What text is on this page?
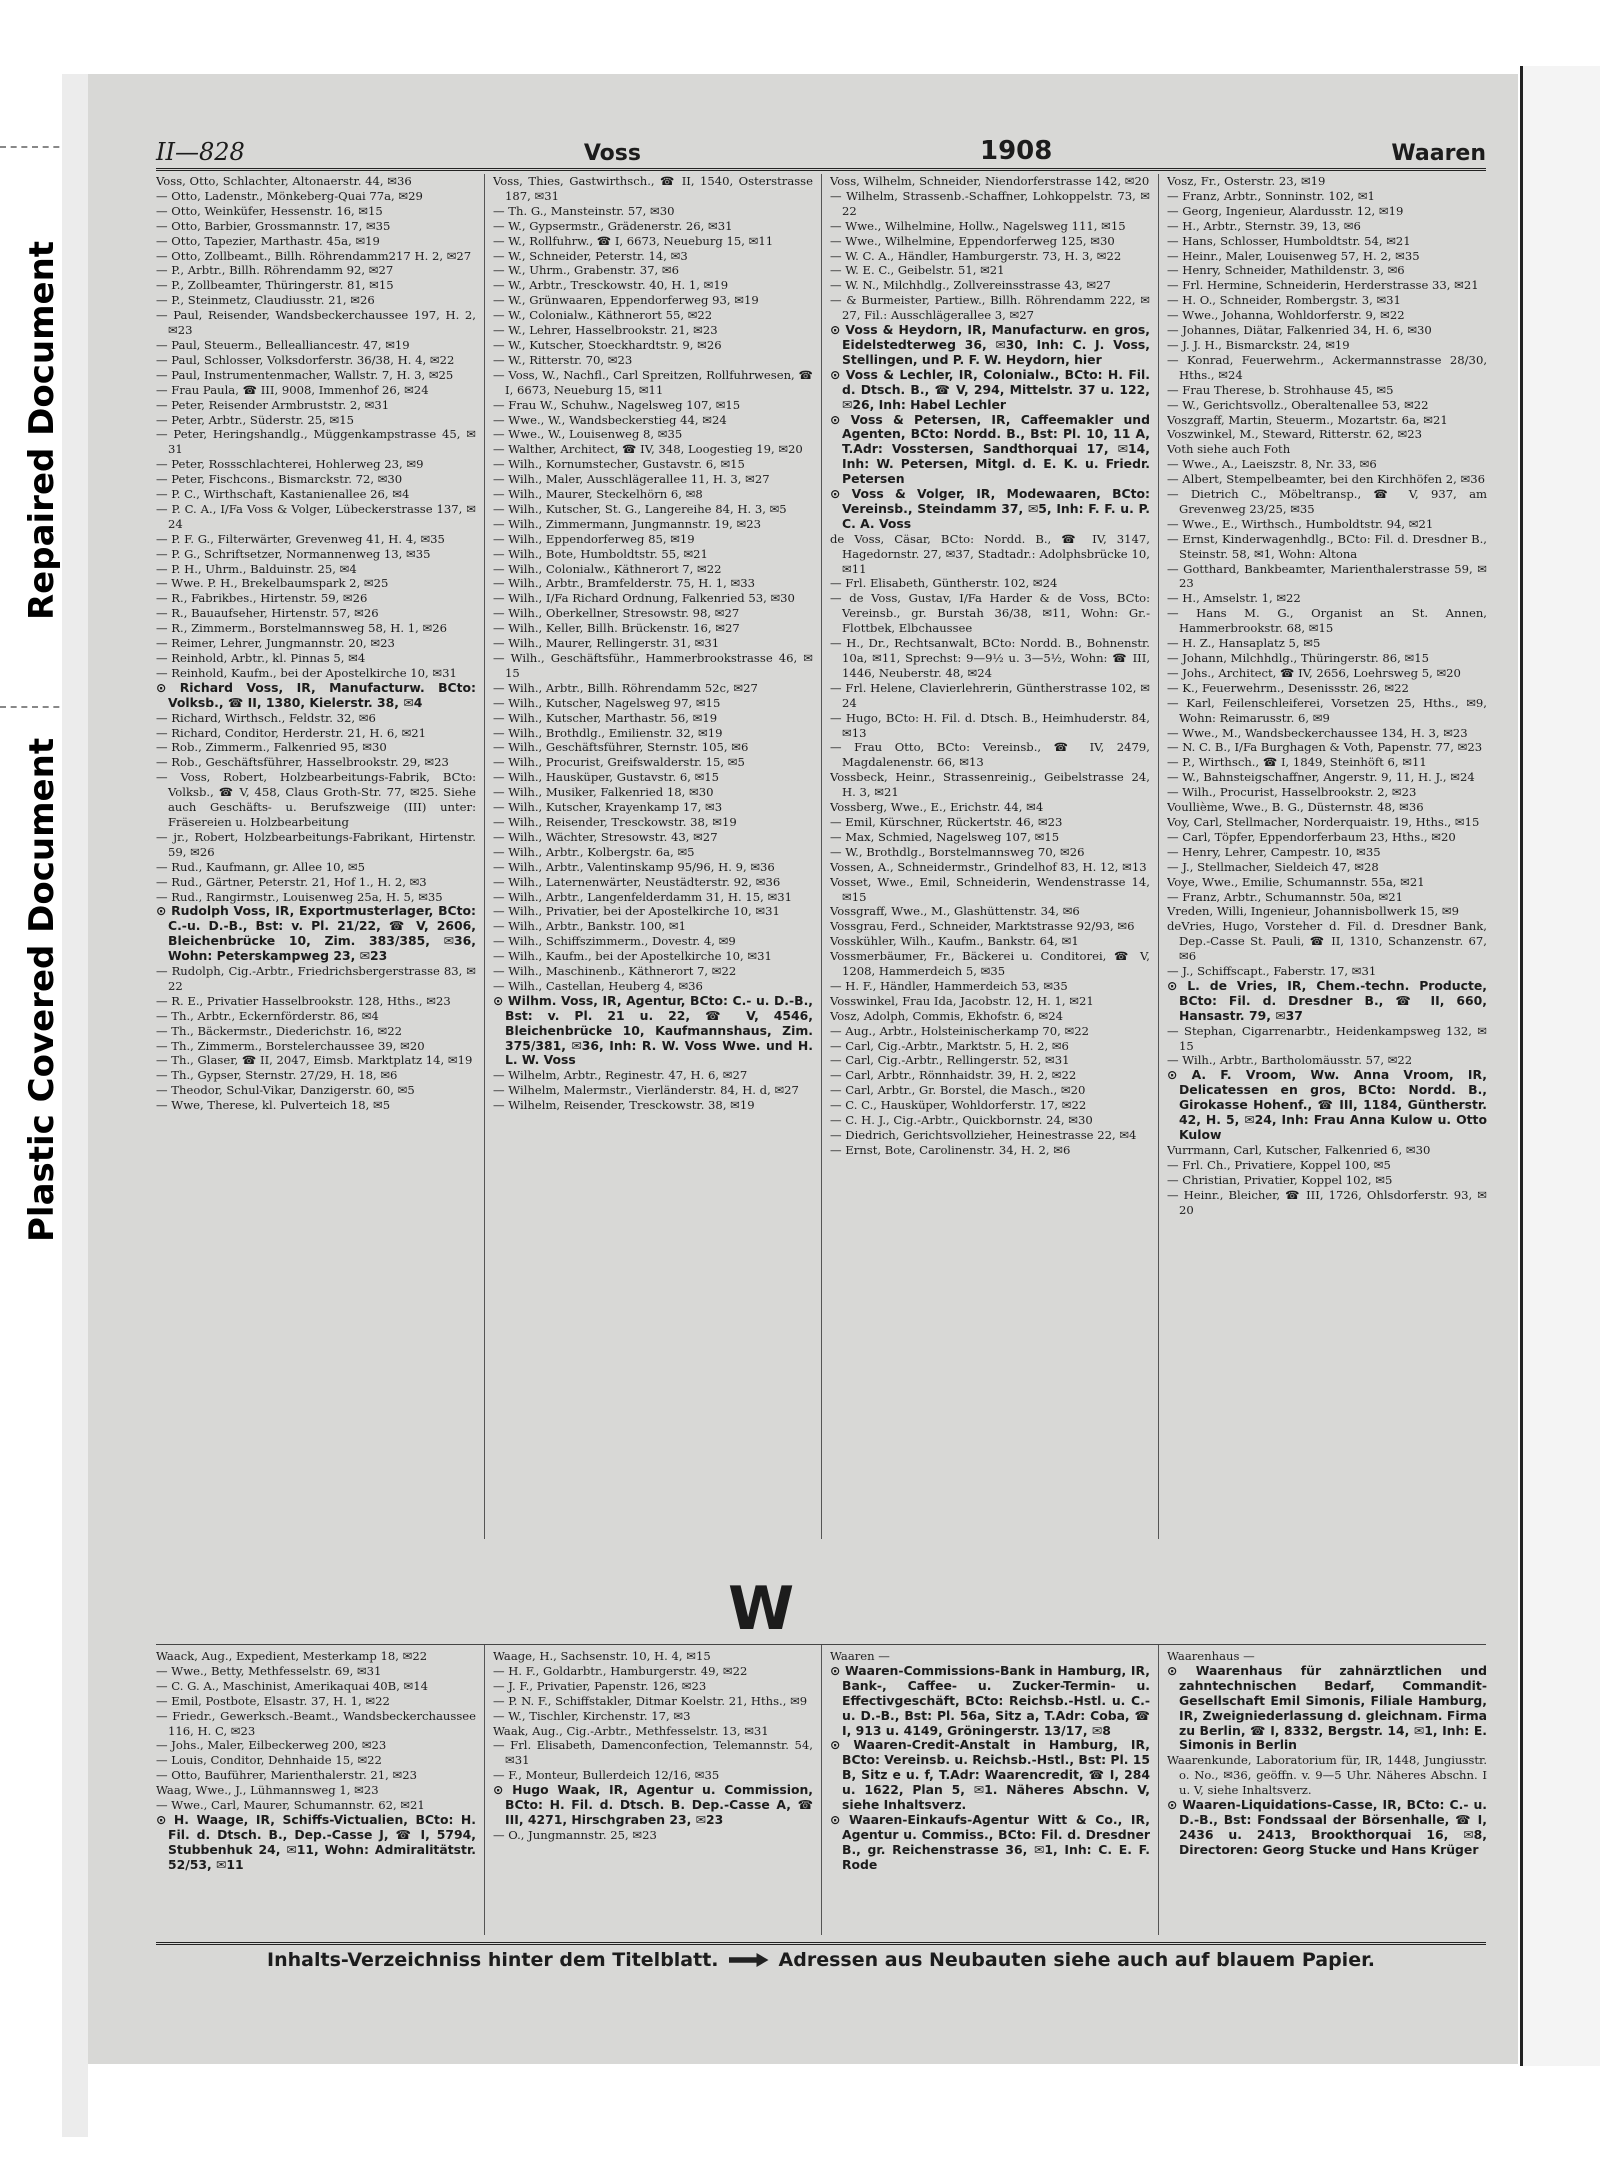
Repaired Document
Plastic Covered Document
II—828	Voss	1908	Waaren

Voss, Otto, Schlachter, Altonaerstr. 44, ✉36

— Otto, Ladenstr., Mönkeberg-Quai 77a, ✉29

— Otto, Weinküfer, Hessenstr. 16, ✉15

— Otto, Barbier, Grossmannstr. 17, ✉35

— Otto, Tapezier, Marthastr. 45a, ✉19

— Otto, Zollbeamt., Billh. Röhrendamm217 H. 2, ✉27

— P., Arbtr., Billh. Röhrendamm 92, ✉27

— P., Zollbeamter, Thüringerstr. 81, ✉15

— P., Steinmetz, Claudiusstr. 21, ✉26

— Paul, Reisender, Wandsbeckerchaussee 197, H. 2, ✉23

— Paul, Steuerm., Bellealliancestr. 47, ✉19

— Paul, Schlosser, Volksdorferstr. 36/38, H. 4, ✉22

— Paul, Instrumentenmacher, Wallstr. 7, H. 3, ✉25

— Frau Paula, ☎ III, 9008, Immenhof 26, ✉24

— Peter, Reisender Armbruststr. 2, ✉31

— Peter, Arbtr., Süderstr. 25, ✉15

— Peter, Heringshandlg., Müggenkampstrasse 45, ✉31

— Peter, Rossschlachterei, Hohlerweg 23, ✉9

— Peter, Fischcons., Bismarckstr. 72, ✉30

— P. C., Wirthschaft, Kastanienallee 26, ✉4

— P. C. A., I/Fa Voss & Volger, Lübeckerstrasse 137, ✉24

— P. F. G., Filterwärter, Grevenweg 41, H. 4, ✉35

— P. G., Schriftsetzer, Normannenweg 13, ✉35

— P. H., Uhrm., Balduinstr. 25, ✉4

— Wwe. P. H., Brekelbaumspark 2, ✉25

— R., Fabrikbes., Hirtenstr. 59, ✉26

— R., Bauaufseher, Hirtenstr. 57, ✉26

— R., Zimmerm., Borstelmannsweg 58, H. 1, ✉26

— Reimer, Lehrer, Jungmannstr. 20, ✉23

— Reinhold, Arbtr., kl. Pinnas 5, ✉4

— Reinhold, Kaufm., bei der Apostelkirche 10, ✉31

⊙ Richard Voss, IR, Manufacturw. BCto: Volksb., ☎ II, 1380, Kielerstr. 38, ✉4

— Richard, Wirthsch., Feldstr. 32, ✉6

— Richard, Conditor, Herderstr. 21, H. 6, ✉21

— Rob., Zimmerm., Falkenried 95, ✉30

— Rob., Geschäftsführer, Hasselbrookstr. 29, ✉23

— Voss, Robert, Holzbearbeitungs-Fabrik, BCto: Volksb., ☎ V, 458, Claus Groth-Str. 77, ✉25. Siehe auch Geschäfts- u. Berufszweige (III) unter: Fräsereien u. Holzbearbeitung

— jr., Robert, Holzbearbeitungs-Fabrikant, Hirtenstr. 59, ✉26

— Rud., Kaufmann, gr. Allee 10, ✉5

— Rud., Gärtner, Peterstr. 21, Hof 1., H. 2, ✉3

— Rud., Rangirmstr., Louisenweg 25a, H. 5, ✉35

⊙ Rudolph Voss, IR, Exportmusterlager, BCto: C.-u. D.-B., Bst: v. Pl. 21/22, ☎ V, 2606, Bleichenbrücke 10, Zim. 383/385, ✉36, Wohn: Peterskampweg 23, ✉23

— Rudolph, Cig.-Arbtr., Friedrichsbergerstrasse 83, ✉22

— R. E., Privatier Hasselbrookstr. 128, Hths., ✉23

— Th., Arbtr., Eckernförderstr. 86, ✉4

— Th., Bäckermstr., Diederichstr. 16, ✉22

— Th., Zimmerm., Borstelerchaussee 39, ✉20

— Th., Glaser, ☎ II, 2047, Eimsb. Marktplatz 14, ✉19

— Th., Gypser, Sternstr. 27/29, H. 18, ✉6

— Theodor, Schul-Vikar, Danzigerstr. 60, ✉5

— Wwe, Therese, kl. Pulverteich 18, ✉5

Voss, Thies, Gastwirthsch., ☎ II, 1540, Osterstrasse 187, ✉31

— Th. G., Mansteinstr. 57, ✉30

— W., Gypsermstr., Grädenerstr. 26, ✉31

— W., Rollfuhrw., ☎ I, 6673, Neueburg 15, ✉11

— W., Schneider, Peterstr. 14, ✉3

— W., Uhrm., Grabenstr. 37, ✉6

— W., Arbtr., Tresckowstr. 40, H. 1, ✉19

— W., Grünwaaren, Eppendorferweg 93, ✉19

— W., Colonialw., Käthnerort 55, ✉22

— W., Lehrer, Hasselbrookstr. 21, ✉23

— W., Kutscher, Stoeckhardtstr. 9, ✉26

— W., Ritterstr. 70, ✉23

— Voss, W., Nachfl., Carl Spreitzen, Rollfuhrwesen, ☎ I, 6673, Neueburg 15, ✉11

— Frau W., Schuhw., Nagelsweg 107, ✉15

— Wwe., W., Wandsbeckerstieg 44, ✉24

— Wwe., W., Louisenweg 8, ✉35

— Walther, Architect, ☎ IV, 348, Loogestieg 19, ✉20

— Wilh., Kornumstecher, Gustavstr. 6, ✉15

— Wilh., Maler, Ausschlägerallee 11, H. 3, ✉27

— Wilh., Maurer, Steckelhörn 6, ✉8

— Wilh., Kutscher, St. G., Langereihe 84, H. 3, ✉5

— Wilh., Zimmermann, Jungmannstr. 19, ✉23

— Wilh., Eppendorferweg 85, ✉19

— Wilh., Bote, Humboldtstr. 55, ✉21

— Wilh., Colonialw., Käthnerort 7, ✉22

— Wilh., Arbtr., Bramfelderstr. 75, H. 1, ✉33

— Wilh., I/Fa Richard Ordnung, Falkenried 53, ✉30

— Wilh., Oberkellner, Stresowstr. 98, ✉27

— Wilh., Keller, Billh. Brückenstr. 16, ✉27

— Wilh., Maurer, Rellingerstr. 31, ✉31

— Wilh., Geschäftsführ., Hammerbrookstrasse 46, ✉15

— Wilh., Arbtr., Billh. Röhrendamm 52c, ✉27

— Wilh., Kutscher, Nagelsweg 97, ✉15

— Wilh., Kutscher, Marthastr. 56, ✉19

— Wilh., Brothdlg., Emilienstr. 32, ✉19

— Wilh., Geschäftsführer, Sternstr. 105, ✉6

— Wilh., Procurist, Greifswalderstr. 15, ✉5

— Wilh., Hausküper, Gustavstr. 6, ✉15

— Wilh., Musiker, Falkenried 18, ✉30

— Wilh., Kutscher, Krayenkamp 17, ✉3

— Wilh., Reisender, Tresckowstr. 38, ✉19

— Wilh., Wächter, Stresowstr. 43, ✉27

— Wilh., Arbtr., Kolbergstr. 6a, ✉5

— Wilh., Arbtr., Valentinskamp 95/96, H. 9, ✉36

— Wilh., Laternenwärter, Neustädterstr. 92, ✉36

— Wilh., Arbtr., Langenfelderdamm 31, H. 15, ✉31

— Wilh., Privatier, bei der Apostelkirche 10, ✉31

— Wilh., Arbtr., Bankstr. 100, ✉1

— Wilh., Schiffszimmerm., Dovestr. 4, ✉9

— Wilh., Kaufm., bei der Apostelkirche 10, ✉31

— Wilh., Maschinenb., Käthnerort 7, ✉22

— Wilh., Castellan, Heuberg 4, ✉36

⊙ Wilhm. Voss, IR, Agentur, BCto: C.- u. D.-B., Bst: v. Pl. 21 u. 22, ☎ V, 4546, Bleichenbrücke 10, Kaufmannshaus, Zim. 375/381, ✉36, Inh: R. W. Voss Wwe. und H. L. W. Voss

— Wilhelm, Arbtr., Reginestr. 47, H. 6, ✉27

— Wilhelm, Malermstr., Vierländerstr. 84, H. d, ✉27

— Wilhelm, Reisender, Tresckowstr. 38, ✉19

Voss, Wilhelm, Schneider, Niendorferstrasse 142, ✉20

— Wilhelm, Strassenb.-Schaffner, Lohkoppelstr. 73, ✉22

— Wwe., Wilhelmine, Hollw., Nagelsweg 111, ✉15

— Wwe., Wilhelmine, Eppendorferweg 125, ✉30

— W. C. A., Händler, Hamburgerstr. 73, H. 3, ✉22

— W. E. C., Geibelstr. 51, ✉21

— W. N., Milchhdlg., Zollvereinsstrasse 43, ✉27

— & Burmeister, Partiew., Billh. Röhrendamm 222, ✉27, Fil.: Ausschlägerallee 3, ✉27

⊙ Voss & Heydorn, IR, Manufacturw. en gros, Eidelstedterweg 36, ✉30, Inh: C. J. Voss, Stellingen, und P. F. W. Heydorn, hier

⊙ Voss & Lechler, IR, Colonialw., BCto: H. Fil. d. Dtsch. B., ☎ V, 294, Mittelstr. 37 u. 122, ✉26, Inh: Habel Lechler

⊙ Voss & Petersen, IR, Caffeemakler und Agenten, BCto: Nordd. B., Bst: Pl. 10, 11 A, T.Adr: Vosstersen, Sandthorquai 17, ✉14, Inh: W. Petersen, Mitgl. d. E. K. u. Friedr. Petersen

⊙ Voss & Volger, IR, Modewaaren, BCto: Vereinsb., Steindamm 37, ✉5, Inh: F. F. u. P. C. A. Voss

de Voss, Cäsar, BCto: Nordd. B., ☎ IV, 3147, Hagedornstr. 27, ✉37, Stadtadr.: Adolphsbrücke 10, ✉11

— Frl. Elisabeth, Güntherstr. 102, ✉24

— de Voss, Gustav, I/Fa Harder & de Voss, BCto: Vereinsb., gr. Burstah 36/38, ✉11, Wohn: Gr.-Flottbek, Elbchaussee

— H., Dr., Rechtsanwalt, BCto: Nordd. B., Bohnenstr. 10a, ✉11, Sprechst: 9—9½ u. 3—5½, Wohn: ☎ III, 1446, Neuberstr. 48, ✉24

— Frl. Helene, Clavierlehrerin, Güntherstrasse 102, ✉24

— Hugo, BCto: H. Fil. d. Dtsch. B., Heimhuderstr. 84, ✉13

— Frau Otto, BCto: Vereinsb., ☎ IV, 2479, Magdalenenstr. 66, ✉13

Vossbeck, Heinr., Strassenreinig., Geibelstrasse 24, H. 3, ✉21

Vossberg, Wwe., E., Erichstr. 44, ✉4

— Emil, Kürschner, Rückertstr. 46, ✉23

— Max, Schmied, Nagelsweg 107, ✉15

— W., Brothdlg., Borstelmannsweg 70, ✉26

Vossen, A., Schneidermstr., Grindelhof 83, H. 12, ✉13

Vosset, Wwe., Emil, Schneiderin, Wendenstrasse 14, ✉15

Vossgraff, Wwe., M., Glashüttenstr. 34, ✉6

Vossgrau, Ferd., Schneider, Marktstrasse 92/93, ✉6

Vosskühler, Wilh., Kaufm., Bankstr. 64, ✉1

Vossmerbäumer, Fr., Bäckerei u. Conditorei, ☎ V, 1208, Hammerdeich 5, ✉35

— H. F., Händler, Hammerdeich 53, ✉35

Vosswinkel, Frau Ida, Jacobstr. 12, H. 1, ✉21

Vosz, Adolph, Commis, Ekhofstr. 6, ✉24

— Aug., Arbtr., Holsteinischerkamp 70, ✉22

— Carl, Cig.-Arbtr., Marktstr. 5, H. 2, ✉6

— Carl, Cig.-Arbtr., Rellingerstr. 52, ✉31

— Carl, Arbtr., Rönnhaidstr. 39, H. 2, ✉22

— Carl, Arbtr., Gr. Borstel, die Masch., ✉20

— C. C., Hausküper, Wohldorferstr. 17, ✉22

— C. H. J., Cig.-Arbtr., Quickbornstr. 24, ✉30

— Diedrich, Gerichtsvollzieher, Heinestrasse 22, ✉4

— Ernst, Bote, Carolinenstr. 34, H. 2, ✉6

Vosz, Fr., Osterstr. 23, ✉19

— Franz, Arbtr., Sonninstr. 102, ✉1

— Georg, Ingenieur, Alardusstr. 12, ✉19

— H., Arbtr., Sternstr. 39, 13, ✉6

— Hans, Schlosser, Humboldtstr. 54, ✉21

— Heinr., Maler, Louisenweg 57, H. 2, ✉35

— Henry, Schneider, Mathildenstr. 3, ✉6

— Frl. Hermine, Schneiderin, Herderstrasse 33, ✉21

— H. O., Schneider, Rombergstr. 3, ✉31

— Wwe., Johanna, Wohldorferstr. 9, ✉22

— Johannes, Diätar, Falkenried 34, H. 6, ✉30

— J. J. H., Bismarckstr. 24, ✉19

— Konrad, Feuerwehrm., Ackermannstrasse 28/30, Hths., ✉24

— Frau Therese, b. Strohhause 45, ✉5

— W., Gerichtsvollz., Oberaltenallee 53, ✉22

Voszgraff, Martin, Steuerm., Mozartstr. 6a, ✉21

Voszwinkel, M., Steward, Ritterstr. 62, ✉23

Voth siehe auch Foth

— Wwe., A., Laeiszstr. 8, Nr. 33, ✉6

— Albert, Stempelbeamter, bei den Kirchhöfen 2, ✉36

— Dietrich C., Möbeltransp., ☎ V, 937, am Grevenweg 23/25, ✉35

— Wwe., E., Wirthsch., Humboldtstr. 94, ✉21

— Ernst, Kinderwagenhdlg., BCto: Fil. d. Dresdner B., Steinstr. 58, ✉1, Wohn: Altona

— Gotthard, Bankbeamter, Marienthalerstrasse 59, ✉23

— H., Amselstr. 1, ✉22

— Hans M. G., Organist an St. Annen, Hammerbrookstr. 68, ✉15

— H. Z., Hansaplatz 5, ✉5

— Johann, Milchhdlg., Thüringerstr. 86, ✉15

— Johs., Architect, ☎ IV, 2656, Loehrsweg 5, ✉20

— K., Feuerwehrm., Desenissstr. 26, ✉22

— Karl, Feilenschleiferei, Vorsetzen 25, Hths., ✉9, Wohn: Reimarusstr. 6, ✉9

— Wwe., M., Wandsbeckerchaussee 134, H. 3, ✉23

— N. C. B., I/Fa Burghagen & Voth, Papenstr. 77, ✉23

— P., Wirthsch., ☎ I, 1849, Steinhöft 6, ✉11

— W., Bahnsteigschaffner, Angerstr. 9, 11, H. J., ✉24

— Wilh., Procurist, Hasselbrookstr. 2, ✉23

Voullième, Wwe., B. G., Düsternstr. 48, ✉36

Voy, Carl, Stellmacher, Norderquaistr. 19, Hths., ✉15

— Carl, Töpfer, Eppendorferbaum 23, Hths., ✉20

— Henry, Lehrer, Campestr. 10, ✉35

— J., Stellmacher, Sieldeich 47, ✉28

Voye, Wwe., Emilie, Schumannstr. 55a, ✉21

— Franz, Arbtr., Schumannstr. 50a, ✉21

Vreden, Willi, Ingenieur, Johannisbollwerk 15, ✉9

deVries, Hugo, Vorsteher d. Fil. d. Dresdner Bank, Dep.-Casse St. Pauli, ☎ II, 1310, Schanzenstr. 67, ✉6

— J., Schiffscapt., Faberstr. 17, ✉31

⊙ L. de Vries, IR, Chem.-techn. Producte, BCto: Fil. d. Dresdner B., ☎ II, 660, Hansastr. 79, ✉37

— Stephan, Cigarrenarbtr., Heidenkampsweg 132, ✉15

— Wilh., Arbtr., Bartholomäusstr. 57, ✉22

⊙ A. F. Vroom, Ww. Anna Vroom, IR, Delicatessen en gros, BCto: Nordd. B., Girokasse Hohenf., ☎ III, 1184, Güntherstr. 42, H. 5, ✉24, Inh: Frau Anna Kulow u. Otto Kulow

Vurrmann, Carl, Kutscher, Falkenried 6, ✉30

— Frl. Ch., Privatiere, Koppel 100, ✉5

— Christian, Privatier, Koppel 102, ✉5

— Heinr., Bleicher, ☎ III, 1726, Ohlsdorferstr. 93, ✉20

W

Waack, Aug., Expedient, Mesterkamp 18, ✉22

— Wwe., Betty, Methfesselstr. 69, ✉31

— C. G. A., Maschinist, Amerikaquai 40B, ✉14

— Emil, Postbote, Elsastr. 37, H. 1, ✉22

— Friedr., Gewerksch.-Beamt., Wandsbeckerchaussee 116, H. C, ✉23

— Johs., Maler, Eilbeckerweg 200, ✉23

— Louis, Conditor, Dehnhaide 15, ✉22

— Otto, Bauführer, Marienthalerstr. 21, ✉23

Waag, Wwe., J., Lühmannsweg 1, ✉23

— Wwe., Carl, Maurer, Schumannstr. 62, ✉21

⊙ H. Waage, IR, Schiffs-Victualien, BCto: H. Fil. d. Dtsch. B., Dep.-Casse J, ☎ I, 5794, Stubbenhuk 24, ✉11, Wohn: Admiralitätstr. 52/53, ✉11

Waage, H., Sachsenstr. 10, H. 4, ✉15

— H. F., Goldarbtr., Hamburgerstr. 49, ✉22

— J. F., Privatier, Papenstr. 126, ✉23

— P. N. F., Schiffstakler, Ditmar Koelstr. 21, Hths., ✉9

— W., Tischler, Kirchenstr. 17, ✉3

Waak, Aug., Cig.-Arbtr., Methfesselstr. 13, ✉31

— Frl. Elisabeth, Damenconfection, Telemannstr. 54, ✉31

— F., Monteur, Bullerdeich 12/16, ✉35

⊙ Hugo Waak, IR, Agentur u. Commission, BCto: H. Fil. d. Dtsch. B. Dep.-Casse A, ☎ III, 4271, Hirschgraben 23, ✉23

— O., Jungmannstr. 25, ✉23

Waaren —

⊙ Waaren-Commissions-Bank in Hamburg, IR, Bank-, Caffee- u. Zucker-Termin- u. Effectivgeschäft, BCto: Reichsb.-Hstl. u. C.- u. D.-B., Bst: Pl. 56a, Sitz a, T.Adr: Coba, ☎ I, 913 u. 4149, Gröningerstr. 13/17, ✉8

⊙ Waaren-Credit-Anstalt in Hamburg, IR, BCto: Vereinsb. u. Reichsb.-Hstl., Bst: Pl. 15 B, Sitz e u. f, T.Adr: Waarencredit, ☎ I, 284 u. 1622, Plan 5, ✉1. Näheres Abschn. V, siehe Inhaltsverz.

⊙ Waaren-Einkaufs-Agentur Witt & Co., IR, Agentur u. Commiss., BCto: Fil. d. Dresdner B., gr. Reichenstrasse 36, ✉1, Inh: C. E. F. Rode

Waarenhaus —

⊙ Waarenhaus für zahnärztlichen und zahntechnischen Bedarf, Commandit-Gesellschaft Emil Simonis, Filiale Hamburg, IR, Zweigniederlassung d. gleichnam. Firma zu Berlin, ☎ I, 8332, Bergstr. 14, ✉1, Inh: E. Simonis in Berlin

Waarenkunde, Laboratorium für, IR, 1448, Jungiusstr. o. No., ✉36, geöffn. v. 9—5 Uhr. Näheres Abschn. I u. V, siehe Inhaltsverz.

⊙ Waaren-Liquidations-Casse, IR, BCto: C.- u. D.-B., Bst: Fondssaal der Börsenhalle, ☎ I, 2436 u. 2413, Brookthorquai 16, ✉8, Directoren: Georg Stucke und Hans Krüger

Inhalts-Verzeichniss hinter dem Titelblatt.	Adressen aus Neubauten siehe auch auf blauem Papier.
